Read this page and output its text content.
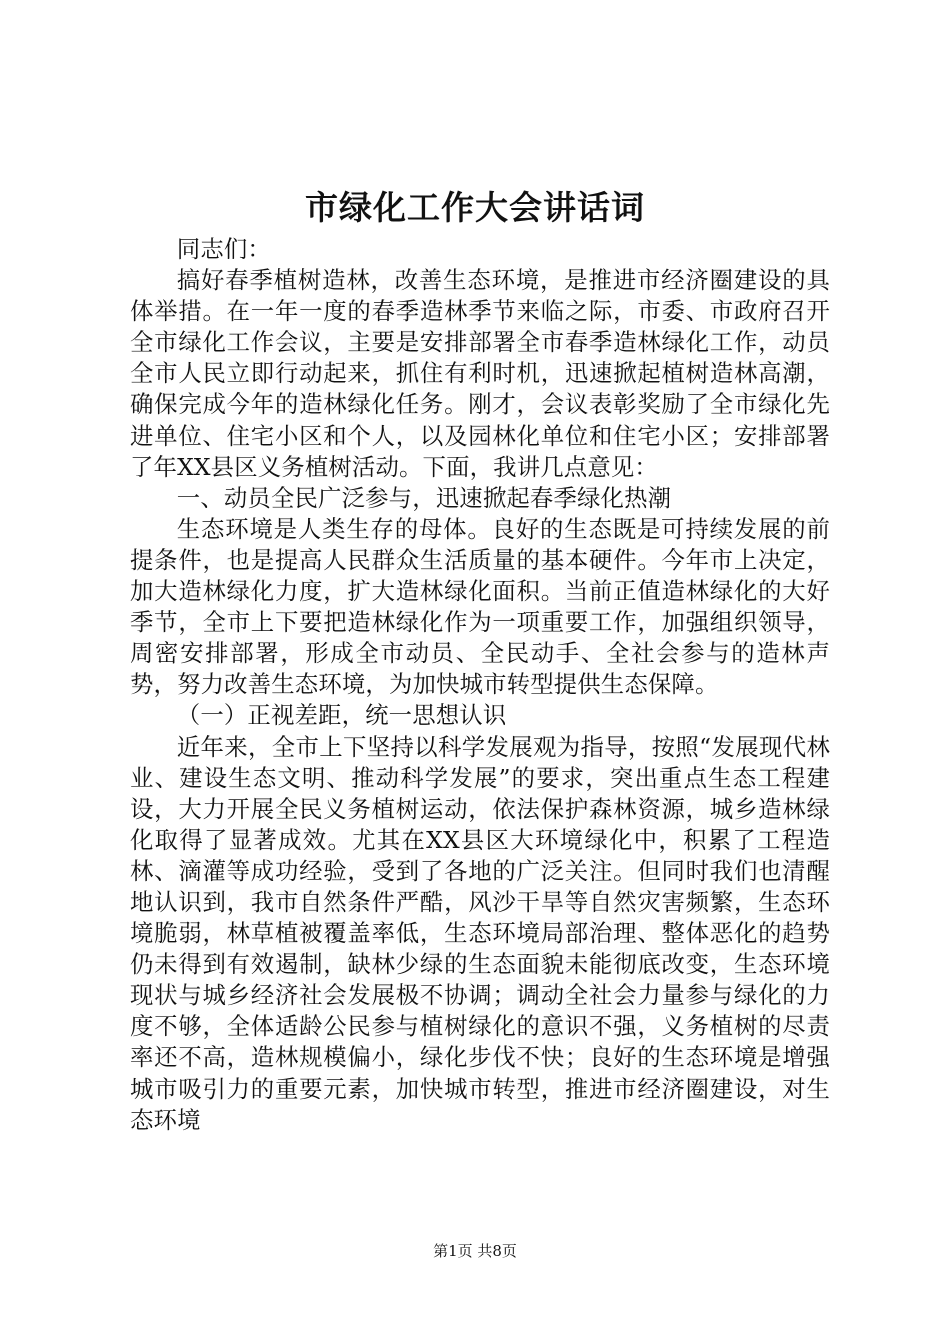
市绿化工作大会讲话词

同志们：

搞好春季植树造林，改善生态环境，是推进市经济圈建设的具体举措。在一年一度的春季造林季节来临之际，市委、市政府召开全市绿化工作会议，主要是安排部署全市春季造林绿化工作，动员全市人民立即行动起来，抓住有利时机，迅速掀起植树造林高潮，确保完成今年的造林绿化任务。刚才，会议表彰奖励了全市绿化先进单位、住宅小区和个人，以及园林化单位和住宅小区；安排部署了年XX县区义务植树活动。下面，我讲几点意见：

一、动员全民广泛参与，迅速掀起春季绿化热潮

生态环境是人类生存的母体。良好的生态既是可持续发展的前提条件，也是提高人民群众生活质量的基本硬件。今年市上决定，加大造林绿化力度，扩大造林绿化面积。当前正值造林绿化的大好季节，全市上下要把造林绿化作为一项重要工作，加强组织领导，周密安排部署，形成全市动员、全民动手、全社会参与的造林声势，努力改善生态环境，为加快城市转型提供生态保障。

（一）正视差距，统一思想认识

近年来，全市上下坚持以科学发展观为指导，按照“发展现代林业、建设生态文明、推动科学发展”的要求，突出重点生态工程建设，大力开展全民义务植树运动，依法保护森林资源，城乡造林绿化取得了显著成效。尤其在XX县区大环境绿化中，积累了工程造林、滴灌等成功经验，受到了各地的广泛关注。但同时我们也清醒地认识到，我市自然条件严酷，风沙干旱等自然灾害频繁，生态环境脆弱，林草植被覆盖率低，生态环境局部治理、整体恶化的趋势仍未得到有效遏制，缺林少绿的生态面貌未能彻底改变，生态环境现状与城乡经济社会发展极不协调；调动全社会力量参与绿化的力度不够，全体适龄公民参与植树绿化的意识不强，义务植树的尽责率还不高，造林规模偏小，绿化步伐不快；良好的生态环境是增强城市吸引力的重要元素，加快城市转型，推进市经济圈建设，对生态环境

第1页 共8页
